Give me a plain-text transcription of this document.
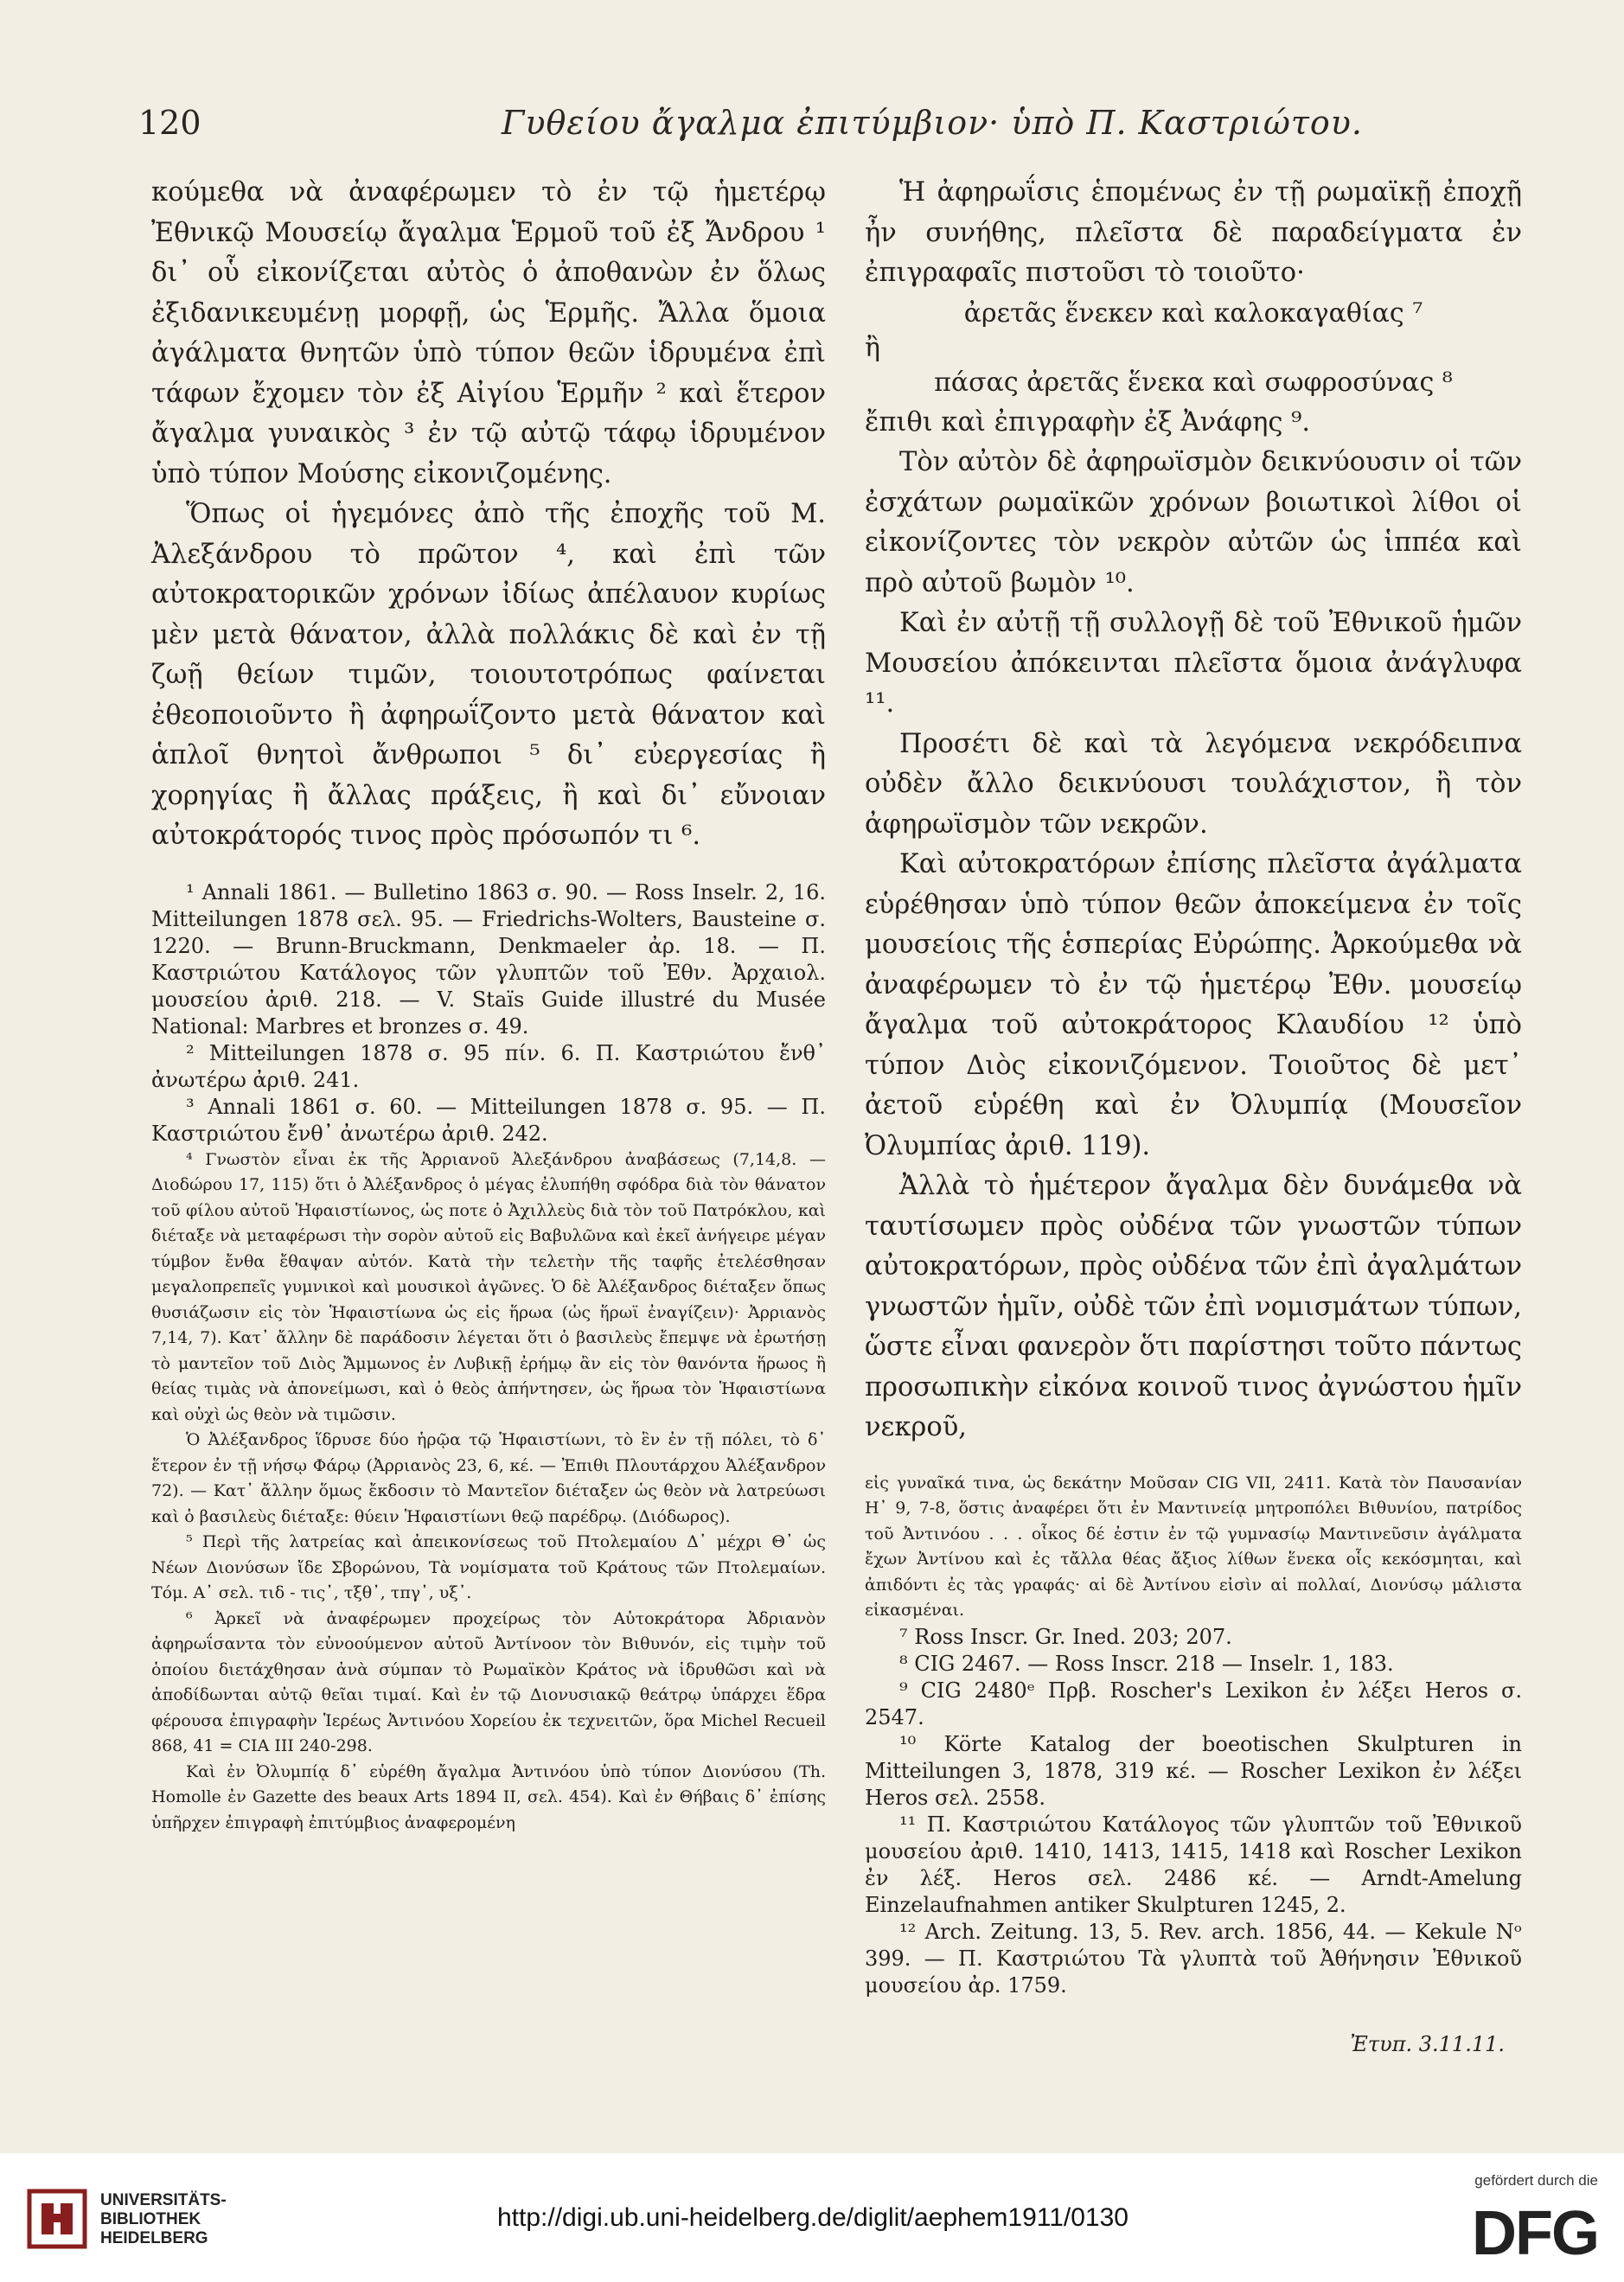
120	Γυθείου ἄγαλμα ἐπιτύμβιον· ὑπὸ Π. Καστριώτου.

κούμεθα νὰ ἀναφέρωμεν τὸ ἐν τῷ ἡμετέρῳ Ἐθνικῷ Μουσείῳ ἄγαλμα Ἑρμοῦ τοῦ ἐξ Ἄνδρου ¹ δι᾽ οὗ εἰκονίζεται αὐτὸς ὁ ἀποθανὼν ἐν ὅλως ἐξιδανικευμένῃ μορφῇ, ὡς Ἑρμῆς. Ἄλλα ὅμοια ἀγάλματα θνητῶν ὑπὸ τύπον θεῶν ἱδρυμένα ἐπὶ τάφων ἔχομεν τὸν ἐξ Αἰγίου Ἑρμῆν ² καὶ ἕτερον ἄγαλμα γυναικὸς ³ ἐν τῷ αὐτῷ τάφῳ ἱδρυμένον ὑπὸ τύπον Μούσης εἰκονιζομένης.

Ὅπως οἱ ἡγεμόνες ἀπὸ τῆς ἐποχῆς τοῦ Μ. Ἀλεξάνδρου τὸ πρῶτον ⁴, καὶ ἐπὶ τῶν αὐτοκρατορικῶν χρόνων ἰδίως ἀπέλαυον κυρίως μὲν μετὰ θάνατον, ἀλλὰ πολλάκις δὲ καὶ ἐν τῇ ζωῇ θείων τιμῶν, τοιουτοτρόπως φαίνεται ἐθεοποιοῦντο ἢ ἀφηρωΐζοντο μετὰ θάνατον καὶ ἁπλοῖ θνητοὶ ἄνθρωποι ⁵ δι᾽ εὐεργεσίας ἢ χορηγίας ἢ ἄλλας πράξεις, ἢ καὶ δι᾽ εὔνοιαν αὐτοκράτορός τινος πρὸς πρόσωπόν τι ⁶.

¹ Annali 1861. — Bulletino 1863 σ. 90. — Ross Inselr. 2, 16. Mitteilungen 1878 σελ. 95. — Friedrichs-Wolters, Bausteine σ. 1220. — Brunn-Bruckmann, Denkmaeler ἀρ. 18. — Π. Καστριώτου Κατάλογος τῶν γλυπτῶν τοῦ Ἐθν. Ἀρχαιολ. μουσείου ἀριθ. 218. — V. Staïs Guide illustré du Musée National: Marbres et bronzes σ. 49.

² Mitteilungen 1878 σ. 95 πίν. 6. Π. Καστριώτου ἔνθ᾽ ἀνωτέρω ἀριθ. 241.

³ Annali 1861 σ. 60. — Mitteilungen 1878 σ. 95. — Π. Καστριώτου ἔνθ᾽ ἀνωτέρω ἀριθ. 242.

⁴ Γνωστὸν εἶναι ἐκ τῆς Ἀρριανοῦ Ἀλεξάνδρου ἀναβάσεως (7,14,8. — Διοδώρου 17, 115) ὅτι ὁ Ἀλέξανδρος ὁ μέγας ἐλυπήθη σφόδρα διὰ τὸν θάνατον τοῦ φίλου αὐτοῦ Ἡφαιστίωνος, ὡς ποτε ὁ Ἀχιλλεὺς διὰ τὸν τοῦ Πατρόκλου, καὶ διέταξε νὰ μεταφέρωσι τὴν σορὸν αὐτοῦ εἰς Βαβυλῶνα καὶ ἐκεῖ ἀνήγειρε μέγαν τύμβον ἔνθα ἔθαψαν αὐτόν. Κατὰ τὴν τελετὴν τῆς ταφῆς ἐτελέσθησαν μεγαλοπρεπεῖς γυμνικοὶ καὶ μουσικοὶ ἀγῶνες. Ὁ δὲ Ἀλέξανδρος διέταξεν ὅπως θυσιάζωσιν εἰς τὸν Ἡφαιστίωνα ὡς εἰς ἥρωα (ὡς ἥρωϊ ἐναγίζειν)· Ἀρριανὸς 7,14, 7). Κατ᾽ ἄλλην δὲ παράδοσιν λέγεται ὅτι ὁ βασιλεὺς ἔπεμψε νὰ ἐρωτήσῃ τὸ μαντεῖον τοῦ Διὸς Ἄμμωνος ἐν Λυβικῇ ἐρήμῳ ἂν εἰς τὸν θανόντα ἥρωος ἢ θείας τιμὰς νὰ ἀπονείμωσι, καὶ ὁ θεὸς ἀπήντησεν, ὡς ἥρωα τὸν Ἡφαιστίωνα καὶ οὐχὶ ὡς θεὸν νὰ τιμῶσιν.

Ὁ Ἀλέξανδρος ἵδρυσε δύο ἡρῷα τῷ Ἡφαιστίωνι, τὸ ἓν ἐν τῇ πόλει, τὸ δ᾽ ἕτερον ἐν τῇ νήσῳ Φάρῳ (Ἀρριανὸς 23, 6, κέ. — Ἐπιθι Πλουτάρχου Ἀλέξανδρον 72). — Κατ᾽ ἄλλην ὅμως ἔκδοσιν τὸ Μαντεῖον διέταξεν ὡς θεὸν νὰ λατρεύωσι καὶ ὁ βασιλεὺς διέταξε: θύειν Ἡφαιστίωνι θεῷ παρέδρῳ. (Διόδωρος).

⁵ Περὶ τῆς λατρείας καὶ ἀπεικονίσεως τοῦ Πτολεμαίου Δ᾽ μέχρι Θ᾽ ὡς Νέων Διονύσων ἴδε Σβορώνου, Τὰ νομίσματα τοῦ Κράτους τῶν Πτολεμαίων. Τόμ. Α᾽ σελ. τιδ - τις᾽, τξθ᾽, τπγ᾽, υξ᾽.

⁶ Ἀρκεῖ νὰ ἀναφέρωμεν προχείρως τὸν Αὐτοκράτορα Ἀδριανὸν ἀφηρωΐσαντα τὸν εὐνοούμενον αὐτοῦ Ἀντίνοον τὸν Βιθυνόν, εἰς τιμὴν τοῦ ὁποίου διετάχθησαν ἀνὰ σύμπαν τὸ Ρωμαϊκὸν Κράτος νὰ ἱδρυθῶσι καὶ νὰ ἀποδίδωνται αὐτῷ θεῖαι τιμαί. Καὶ ἐν τῷ Διονυσιακῷ θεάτρῳ ὑπάρχει ἕδρα φέρουσα ἐπιγραφὴν Ἱερέως Ἀντινόου Χορείου ἐκ τεχνειτῶν, ὅρα Michel Recueil 868, 41 = CIA III 240-298.

Καὶ ἐν Ὀλυμπίᾳ δ᾽ εὑρέθη ἄγαλμα Ἀντινόου ὑπὸ τύπον Διονύσου (Th. Homolle ἐν Gazette des beaux Arts 1894 II, σελ. 454). Καὶ ἐν Θήβαις δ᾽ ἐπίσης ὑπῆρχεν ἐπιγραφὴ ἐπιτύμβιος ἀναφερομένη

Ἡ ἀφηρωΐσις ἑπομένως ἐν τῇ ρωμαϊκῇ ἐποχῇ ἦν συνήθης, πλεῖστα δὲ παραδείγματα ἐν ἐπιγραφαῖς πιστοῦσι τὸ τοιοῦτο·

ἀρετᾶς ἕνεκεν καὶ καλοκαγαθίας ⁷

ἢ

πάσας ἀρετᾶς ἕνεκα καὶ σωφροσύνας ⁸

ἔπιθι καὶ ἐπιγραφὴν ἐξ Ἀνάφης ⁹.

Τὸν αὐτὸν δὲ ἀφηρωϊσμὸν δεικνύουσιν οἱ τῶν ἐσχάτων ρωμαϊκῶν χρόνων βοιωτικοὶ λίθοι οἱ εἰκονίζοντες τὸν νεκρὸν αὐτῶν ὡς ἱππέα καὶ πρὸ αὐτοῦ βωμὸν ¹⁰.

Καὶ ἐν αὐτῇ τῇ συλλογῇ δὲ τοῦ Ἐθνικοῦ ἡμῶν Μουσείου ἀπόκεινται πλεῖστα ὅμοια ἀνάγλυφα ¹¹.

Προσέτι δὲ καὶ τὰ λεγόμενα νεκρόδειπνα οὐδὲν ἄλλο δεικνύουσι τουλάχιστον, ἢ τὸν ἀφηρωϊσμὸν τῶν νεκρῶν.

Καὶ αὐτοκρατόρων ἐπίσης πλεῖστα ἀγάλματα εὑρέθησαν ὑπὸ τύπον θεῶν ἀποκείμενα ἐν τοῖς μουσείοις τῆς ἑσπερίας Εὐρώπης. Ἀρκούμεθα νὰ ἀναφέρωμεν τὸ ἐν τῷ ἡμετέρῳ Ἐθν. μουσείῳ ἄγαλμα τοῦ αὐτοκράτορος Κλαυδίου ¹² ὑπὸ τύπον Διὸς εἰκονιζόμενον. Τοιοῦτος δὲ μετ᾽ ἀετοῦ εὑρέθη καὶ ἐν Ὀλυμπίᾳ (Μουσεῖον Ὀλυμπίας ἀριθ. 119).

Ἀλλὰ τὸ ἡμέτερον ἄγαλμα δὲν δυνάμεθα νὰ ταυτίσωμεν πρὸς οὐδένα τῶν γνωστῶν τύπων αὐτοκρατόρων, πρὸς οὐδένα τῶν ἐπὶ ἀγαλμάτων γνωστῶν ἡμῖν, οὐδὲ τῶν ἐπὶ νομισμάτων τύπων, ὥστε εἶναι φανερὸν ὅτι παρίστησι τοῦτο πάντως προσωπικὴν εἰκόνα κοινοῦ τινος ἀγνώστου ἡμῖν νεκροῦ,

εἰς γυναῖκά τινα, ὡς δεκάτην Μοῦσαν CIG VII, 2411. Κατὰ τὸν Παυσανίαν Η᾽ 9, 7-8, ὅστις ἀναφέρει ὅτι ἐν Μαντινείᾳ μητροπόλει Βιθυνίου, πατρίδος τοῦ Ἀντινόου . . . οἶκος δέ ἐστιν ἐν τῷ γυμνασίῳ Μαντινεῦσιν ἀγάλματα ἔχων Ἀντίνου καὶ ἐς τἄλλα θέας ἄξιος λίθων ἕνεκα οἷς κεκόσμηται, καὶ ἀπιδόντι ἐς τὰς γραφάς· αἱ δὲ Ἀντίνου εἰσὶν αἱ πολλαί, Διονύσῳ μάλιστα εἰκασμέναι.

⁷ Ross Inscr. Gr. Ined. 203; 207.

⁸ CIG 2467. — Ross Inscr. 218 — Inselr. 1, 183.

⁹ CIG 2480ᵉ Πρβ. Roscher's Lexikon ἐν λέξει Heros σ. 2547.

¹⁰ Körte Katalog der boeotischen Skulpturen in Mitteilungen 3, 1878, 319 κέ. — Roscher Lexikon ἐν λέξει Heros σελ. 2558.

¹¹ Π. Καστριώτου Κατάλογος τῶν γλυπτῶν τοῦ Ἐθνικοῦ μουσείου ἀριθ. 1410, 1413, 1415, 1418 καὶ Roscher Lexikon ἐν λέξ. Heros σελ. 2486 κέ. — Arndt-Amelung Einzelaufnahmen antiker Skulpturen 1245, 2.

¹² Arch. Zeitung. 13, 5. Rev. arch. 1856, 44. — Kekule Nᵒ 399. — Π. Καστριώτου Τὰ γλυπτὰ τοῦ Ἀθήνησιν Ἐθνικοῦ μουσείου ἀρ. 1759.

Ἐτυπ. 3.11.11.
UNIVERSITÄTS-
BIBLIOTHEK
HEIDELBERG
http://digi.ub.uni-heidelberg.de/diglit/aephem1911/0130
gefördert durch die
DFG
